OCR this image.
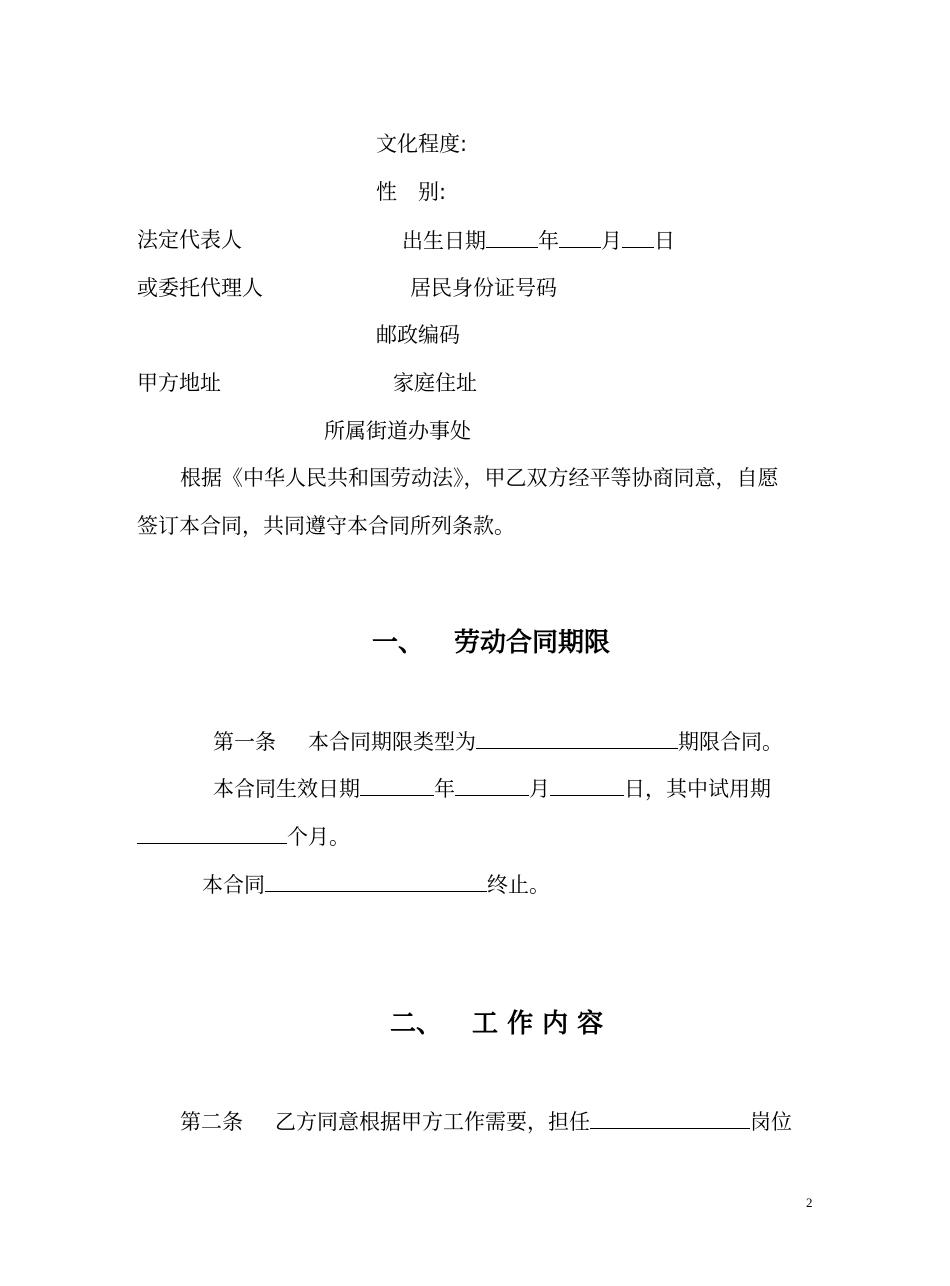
文化程度:
性　别:
法定代表人	出生日期 年 月 日
或委托代理人	居民身份证号码
邮政编码
甲方地址	家庭住址
所属街道办事处
根据《中华人民共和国劳动法》，甲乙双方经平等协商同意，自愿
签订本合同，共同遵守本合同所列条款。
一、 劳动合同期限
第一条 本合同期限类型为	期限合同。
本合同生效日期	年	月	日，其中试用期
个月。
本合同	终止。
二、 工 作 内 容
第二条 乙方同意根据甲方工作需要，担任	岗位
2
